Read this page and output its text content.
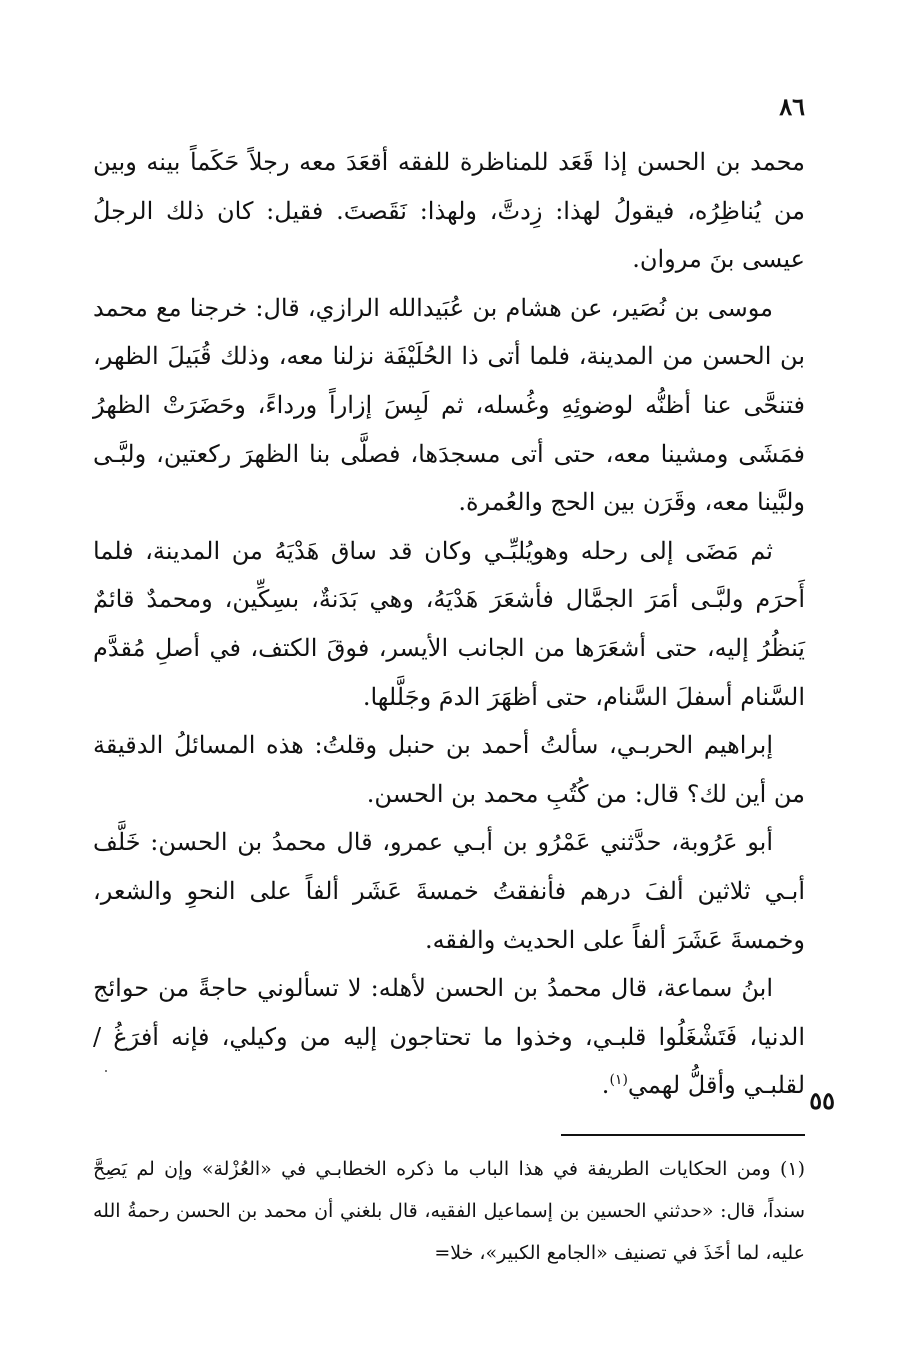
٨٦

محمد بن الحسن إذا قَعَد للمناظرة للفقه أقعَدَ معه رجلاً حَكَماً بينه وبين من يُناظِرُه، فيقولُ لهذا: زِدتَّ، ولهذا: نَقَصتَ. فقيل: كان ذلك الرجلُ عيسى بنَ مروان.

موسى بن نُصَير، عن هشام بن عُبَيدالله الرازي، قال: خرجنا مع محمد بن الحسن من المدينة، فلما أتى ذا الحُلَيْفَة نزلنا معه، وذلك قُبَيلَ الظهر، فتنحَّى عنا أظنُّه لوضوئِهِ وغُسله، ثم لَبِسَ إزاراً ورداءً، وحَضَرَتْ الظهرُ فمَشَى ومشينا معه، حتى أتى مسجدَها، فصلَّى بنا الظهرَ ركعتين، ولبَّـى ولبَّينا معه، وقَرَن بين الحج والعُمرة.

ثم مَضَى إلى رحله وهويُلبِّـي وكان قد ساق هَدْيَهُ من المدينة، فلما أَحرَم ولبَّـى أمَرَ الجمَّال فأشعَرَ هَدْيَهُ، وهي بَدَنةٌ، بسِكِّين، ومحمدٌ قائمٌ يَنظُرُ إليه، حتى أشعَرَها من الجانب الأيسر، فوقَ الكتف، في أصلِ مُقدَّم السَّنام أسفلَ السَّنام، حتى أظهَرَ الدمَ وجَلَّلها.

إبراهيم الحربـي، سألتُ أحمد بن حنبل وقلتُ: هذه المسائلُ الدقيقة من أين لك؟ قال: من كُتُبِ محمد بن الحسن.

أبو عَرُوبة، حدَّثني عَمْرُو بن أبـي عمرو، قال محمدُ بن الحسن: خَلَّف أبـي ثلاثين ألفَ درهم فأنفقتُ خمسةَ عَشَر ألفاً على النحوِ والشعر، وخمسةَ عَشَرَ ألفاً على الحديث والفقه.

ابنُ سماعة، قال محمدُ بن الحسن لأهله: لا تسألوني حاجةً من حوائج الدنيا، فَتَشْغَلُوا قلبـي، وخذوا ما تحتاجون إليه من وكيلي، فإنه أفرَغُ / لقلبـي وأقلُّ لهمي$^{(١)}$.

٥٥

(١) ومن الحكايات الطريفة في هذا الباب ما ذكره الخطابـي في «العُزْلة» وإن لم يَصِحَّ سنداً، قال: «حدثني الحسين بن إسماعيل الفقيه، قال بلغني أن محمد بن الحسن رحمةُ الله عليه، لما أخَذَ في تصنيف «الجامع الكبير»، خلا=
